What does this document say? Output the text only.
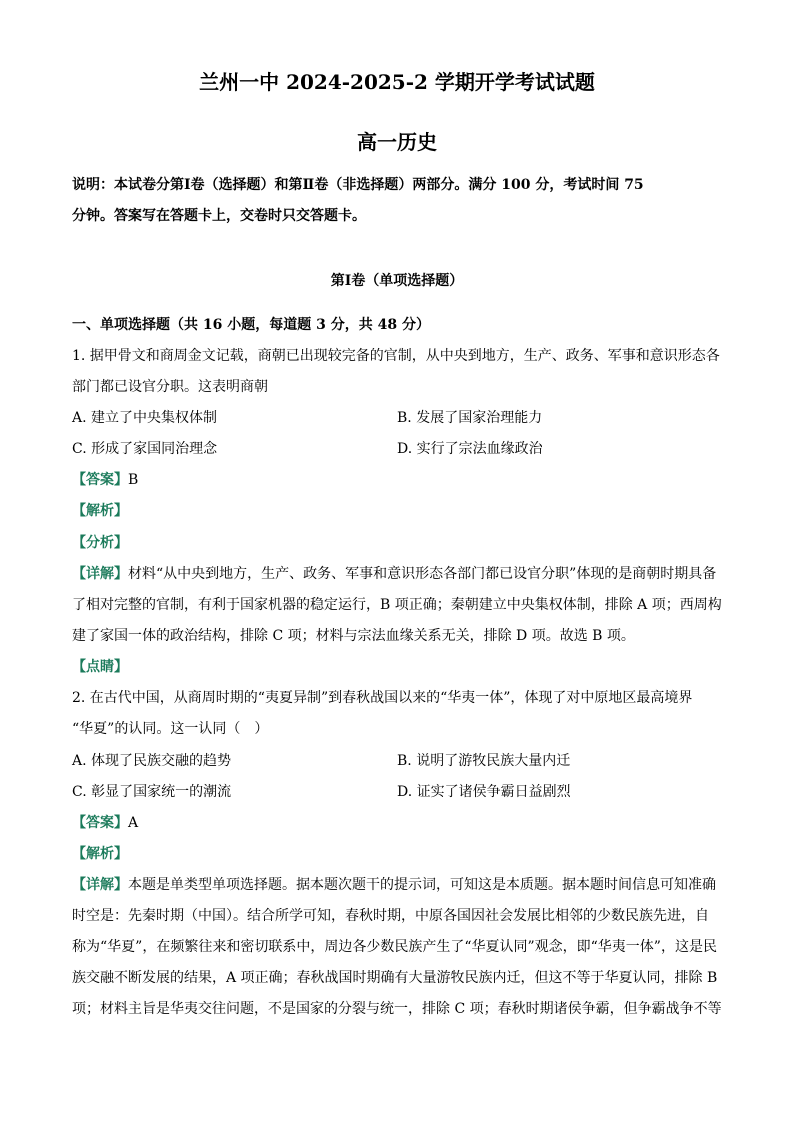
兰州一中 2024-2025-2 学期开学考试试题
高一历史
说明：本试卷分第Ⅰ卷（选择题）和第Ⅱ卷（非选择题）两部分。满分 100 分，考试时间 75
分钟。答案写在答题卡上，交卷时只交答题卡。
第Ⅰ卷（单项选择题）
一、单项选择题（共 16 小题，每道题 3 分，共 48 分）
1. 据甲骨文和商周金文记载，商朝已出现较完备的官制，从中央到地方，生产、政务、军事和意识形态各
部门都已设官分职。这表明商朝
A. 建立了中央集权体制	B. 发展了国家治理能力
C. 形成了家国同治理念	D. 实行了宗法血缘政治
【答案】B
【解析】
【分析】
【详解】材料“从中央到地方，生产、政务、军事和意识形态各部门都已设官分职”体现的是商朝时期具备
了相对完整的官制，有利于国家机器的稳定运行，B 项正确；秦朝建立中央集权体制，排除 A 项；西周构
建了家国一体的政治结构，排除 C 项；材料与宗法血缘关系无关，排除 D 项。故选 B 项。
【点睛】
2. 在古代中国，从商周时期的“夷夏异制”到春秋战国以来的“华夷一体”，体现了对中原地区最高境界
“华夏”的认同。这一认同（　）
A. 体现了民族交融的趋势	B. 说明了游牧民族大量内迁
C. 彰显了国家统一的潮流	D. 证实了诸侯争霸日益剧烈
【答案】A
【解析】
【详解】本题是单类型单项选择题。据本题次题干的提示词，可知这是本质题。据本题时间信息可知准确
时空是：先秦时期（中国）。结合所学可知，春秋时期，中原各国因社会发展比相邻的少数民族先进，自
称为“华夏”，在频繁往来和密切联系中，周边各少数民族产生了“华夏认同”观念，即“华夷一体”，这是民
族交融不断发展的结果，A 项正确；春秋战国时期确有大量游牧民族内迁，但这不等于华夏认同，排除 B
项；材料主旨是华夷交往问题，不是国家的分裂与统一，排除 C 项；春秋时期诸侯争霸，但争霸战争不等
